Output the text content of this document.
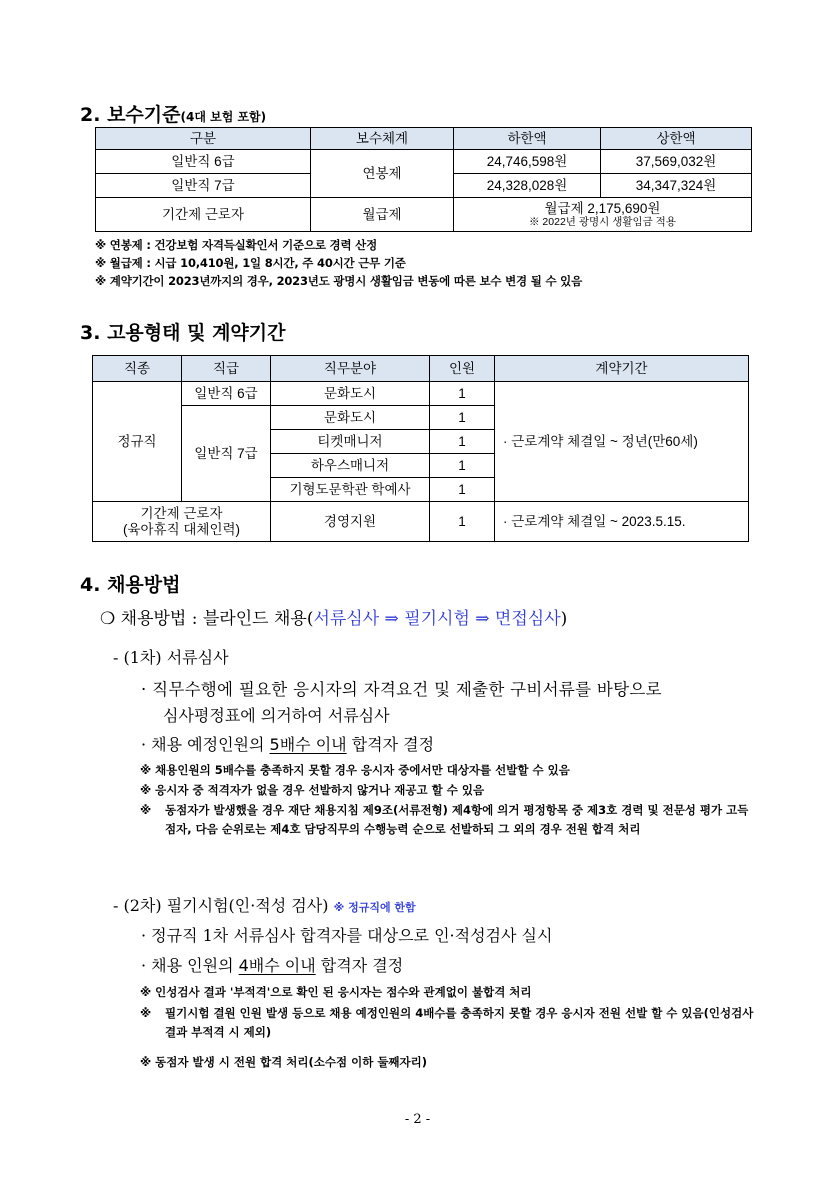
2. 보수기준(4대 보험 포함)
구분	보수체계	하한액	상한액
일반직 6급	연봉제	24,746,598원	37,569,032원
일반직 7급		24,328,028원	34,347,324원
기간제 근로자	월급제	월급제 2,175,690원
※ 2022년 광명시 생활임금 적용	
※ 연봉제 : 건강보험 자격득실확인서 기준으로 경력 산정
※ 월급제 : 시급 10,410원, 1일 8시간, 주 40시간 근무 기준
※ 계약기간이 2023년까지의 경우, 2023년도 광명시 생활임금 변동에 따른 보수 변경 될 수 있음
3. 고용형태 및 계약기간
직종	직급	직무분야	인원	계약기간
정규직	일반직 6급	문화도시	1	· 근로계약 체결일 ~ 정년(만60세)
	일반직 7급	문화도시	1	
		티켓매니저	1	
		하우스매니저	1	
		기형도문학관 학예사	1	

기간제 근로자
(육아휴직 대체인력)		경영지원	1	· 근로계약 체결일 ~ 2023.5.15.
4. 채용방법
❍ 채용방법 : 블라인드 채용(서류심사 ⇒ 필기시험 ⇒ 면접심사)
- (1차) 서류심사
· 직무수행에 필요한 응시자의 자격요건 및 제출한 구비서류를 바탕으로
심사평정표에 의거하여 서류심사
· 채용 예정인원의 5배수 이내 합격자 결정
※ 채용인원의 5배수를 충족하지 못할 경우 응시자 중에서만 대상자를 선발할 수 있음
※ 응시자 중 적격자가 없을 경우 선발하지 않거나 재공고 할 수 있음
※ 동점자가 발생했을 경우 재단 채용지침 제9조(서류전형) 제4항에 의거 평정항목 중 제3호 경력 및 전문성 평가 고득점자, 다음 순위로는 제4호 담당직무의 수행능력 순으로 선발하되 그 외의 경우 전원 합격 처리
- (2차) 필기시험(인·적성 검사) ※ 정규직에 한함
· 정규직 1차 서류심사 합격자를 대상으로 인·적성검사 실시
· 채용 인원의 4배수 이내 합격자 결정
※ 인성검사 결과 '부적격'으로 확인 된 응시자는 점수와 관계없이 불합격 처리
※ 필기시험 결원 인원 발생 등으로 채용 예정인원의 4배수를 충족하지 못할 경우 응시자 전원 선발 할 수 있음(인성검사 결과 부적격 시 제외)
※ 동점자 발생 시 전원 합격 처리(소수점 이하 둘째자리)
- 2 -
